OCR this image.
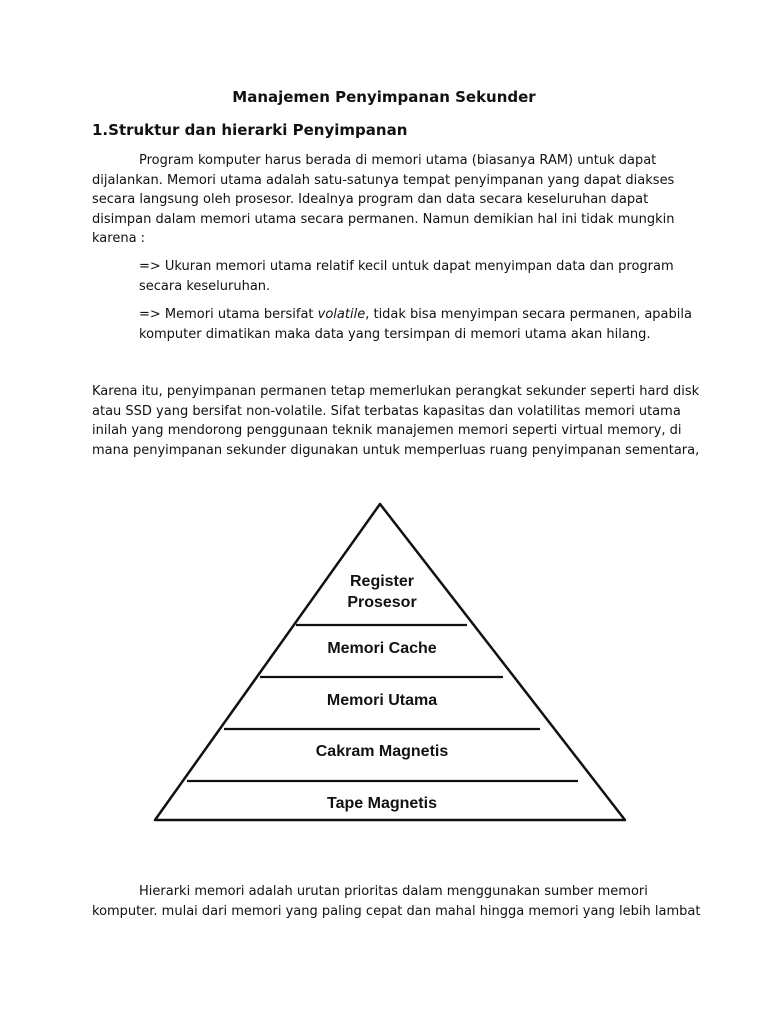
Manajemen Penyimpanan Sekunder
1.Struktur dan hierarki Penyimpanan

Program komputer harus berada di memori utama (biasanya RAM) untuk dapat
dijalankan. Memori utama adalah satu-satunya tempat penyimpanan yang dapat diakses
secara langsung oleh prosesor. Idealnya program dan data secara keseluruhan dapat
disimpan dalam memori utama secara permanen. Namun demikian hal ini tidak mungkin
karena :

=> Ukuran memori utama relatif kecil untuk dapat menyimpan data dan program
secara keseluruhan.

=> Memori utama bersifat volatile, tidak bisa menyimpan secara permanen, apabila
komputer dimatikan maka data yang tersimpan di memori utama akan hilang.

Karena itu, penyimpanan permanen tetap memerlukan perangkat sekunder seperti hard disk
atau SSD yang bersifat non-volatile. Sifat terbatas kapasitas dan volatilitas memori utama
inilah yang mendorong penggunaan teknik manajemen memori seperti virtual memory, di
mana penyimpanan sekunder digunakan untuk memperluas ruang penyimpanan sementara,

Register
Prosesor
Memori Cache
Memori Utama
Cakram Magnetis
Tape Magnetis

Hierarki memori adalah urutan prioritas dalam menggunakan sumber memori
komputer. mulai dari memori yang paling cepat dan mahal hingga memori yang lebih lambat
